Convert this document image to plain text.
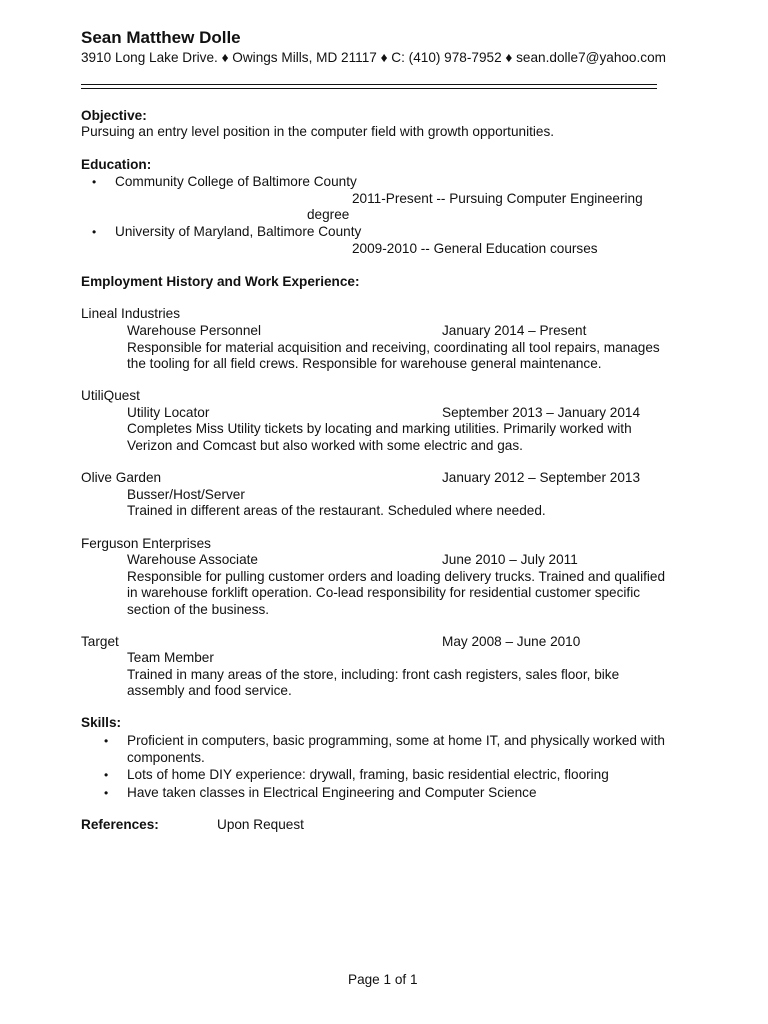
Sean Matthew Dolle
3910 Long Lake Drive. ♦ Owings Mills, MD 21117 ♦ C: (410) 978-7952 ♦ sean.dolle7@yahoo.com
Objective:
Pursuing an entry level position in the computer field with growth opportunities.
Education:
• Community College of Baltimore County
2011-Present -- Pursuing Computer Engineering
degree
• University of Maryland, Baltimore County
2009-2010 -- General Education courses
Employment History and Work Experience:
Lineal Industries
Warehouse Personnel	January 2014 – Present
Responsible for material acquisition and receiving, coordinating all tool repairs, manages
the tooling for all field crews. Responsible for warehouse general maintenance.
UtiliQuest
Utility Locator	September 2013 – January 2014
Completes Miss Utility tickets by locating and marking utilities. Primarily worked with
Verizon and Comcast but also worked with some electric and gas.
Olive Garden	January 2012 – September 2013
Busser/Host/Server
Trained in different areas of the restaurant. Scheduled where needed.
Ferguson Enterprises
Warehouse Associate	June 2010 – July 2011
Responsible for pulling customer orders and loading delivery trucks. Trained and qualified
in warehouse forklift operation. Co-lead responsibility for residential customer specific
section of the business.
Target	May 2008 – June 2010
Team Member
Trained in many areas of the store, including: front cash registers, sales floor, bike
assembly and food service.
Skills:
• Proficient in computers, basic programming, some at home IT, and physically worked with
components.
• Lots of home DIY experience: drywall, framing, basic residential electric, flooring
• Have taken classes in Electrical Engineering and Computer Science
References:	Upon Request
Page 1 of 1
